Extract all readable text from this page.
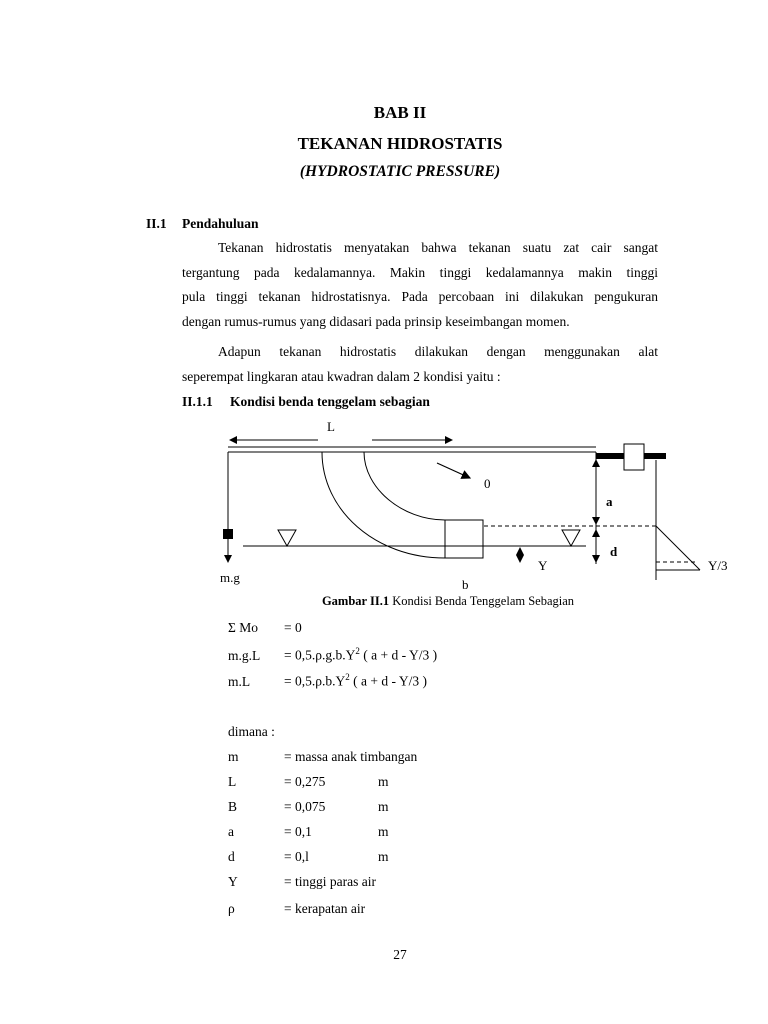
BAB II
TEKANAN HIDROSTATIS
(HYDROSTATIC PRESSURE)
II.1 Pendahuluan
Tekanan hidrostatis menyatakan bahwa tekanan suatu zat cair sangat
tergantung pada kedalamannya. Makin tinggi kedalamannya makin tinggi
pula tinggi tekanan hidrostatisnya. Pada percobaan ini dilakukan pengukuran
dengan rumus-rumus yang didasari pada prinsip keseimbangan momen.
Adapun tekanan hidrostatis dilakukan dengan menggunakan alat
seperempat lingkaran atau kwadran dalam 2 kondisi yaitu :
II.1.1 Kondisi benda tenggelam sebagian
L
m.g
0
a
d
Y
b
Y/3
Gambar II.1 Kondisi Benda Tenggelam Sebagian
Σ Mo = 0
$m.g.L = 0,5.\rho.g.b.Y^2$ ( a + d - Y/3 )
m.L	= $0,5.\rho.b.Y^2$ ( a + d - Y/3 )
dimana :
m	= massa anak timbangan
L	= 0,275	m
B	= 0,075	m
a	= 0,1	m
d	= 0,l	m
Y	= tinggi paras air
ρ	= kerapatan air
27
